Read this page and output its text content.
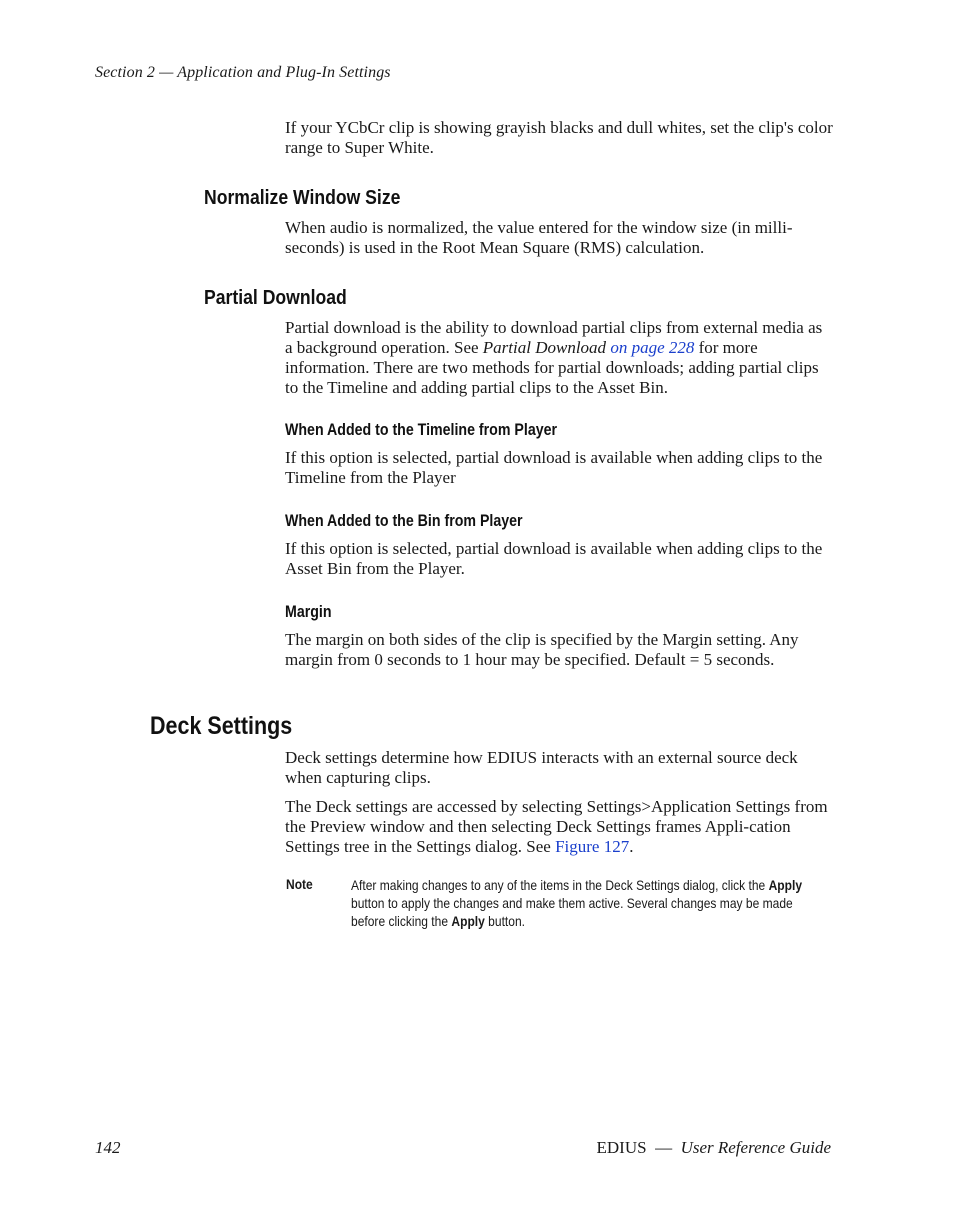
Section 2 — Application and Plug-In Settings

If your YCbCr clip is showing grayish blacks and dull whites, set the clip's color range to Super White.

Normalize Window Size

When audio is normalized, the value entered for the window size (in milli-seconds) is used in the Root Mean Square (RMS) calculation.

Partial Download

Partial download is the ability to download partial clips from external media as a background operation. See Partial Download on page 228 for more information. There are two methods for partial downloads; adding partial clips to the Timeline and adding partial clips to the Asset Bin.

When Added to the Timeline from Player

If this option is selected, partial download is available when adding clips to the Timeline from the Player

When Added to the Bin from Player

If this option is selected, partial download is available when adding clips to the Asset Bin from the Player.

Margin

The margin on both sides of the clip is specified by the Margin setting. Any margin from 0 seconds to 1 hour may be specified. Default = 5 seconds.

Deck Settings

Deck settings determine how EDIUS interacts with an external source deck when capturing clips.

The Deck settings are accessed by selecting Settings>Application Settings from the Preview window and then selecting Deck Settings frames Appli-cation Settings tree in the Settings dialog. See Figure 127.

Note	After making changes to any of the items in the Deck Settings dialog, click the Apply button to apply the changes and make them active. Several changes may be made before clicking the Apply button.

142	EDIUS  —  User Reference Guide
